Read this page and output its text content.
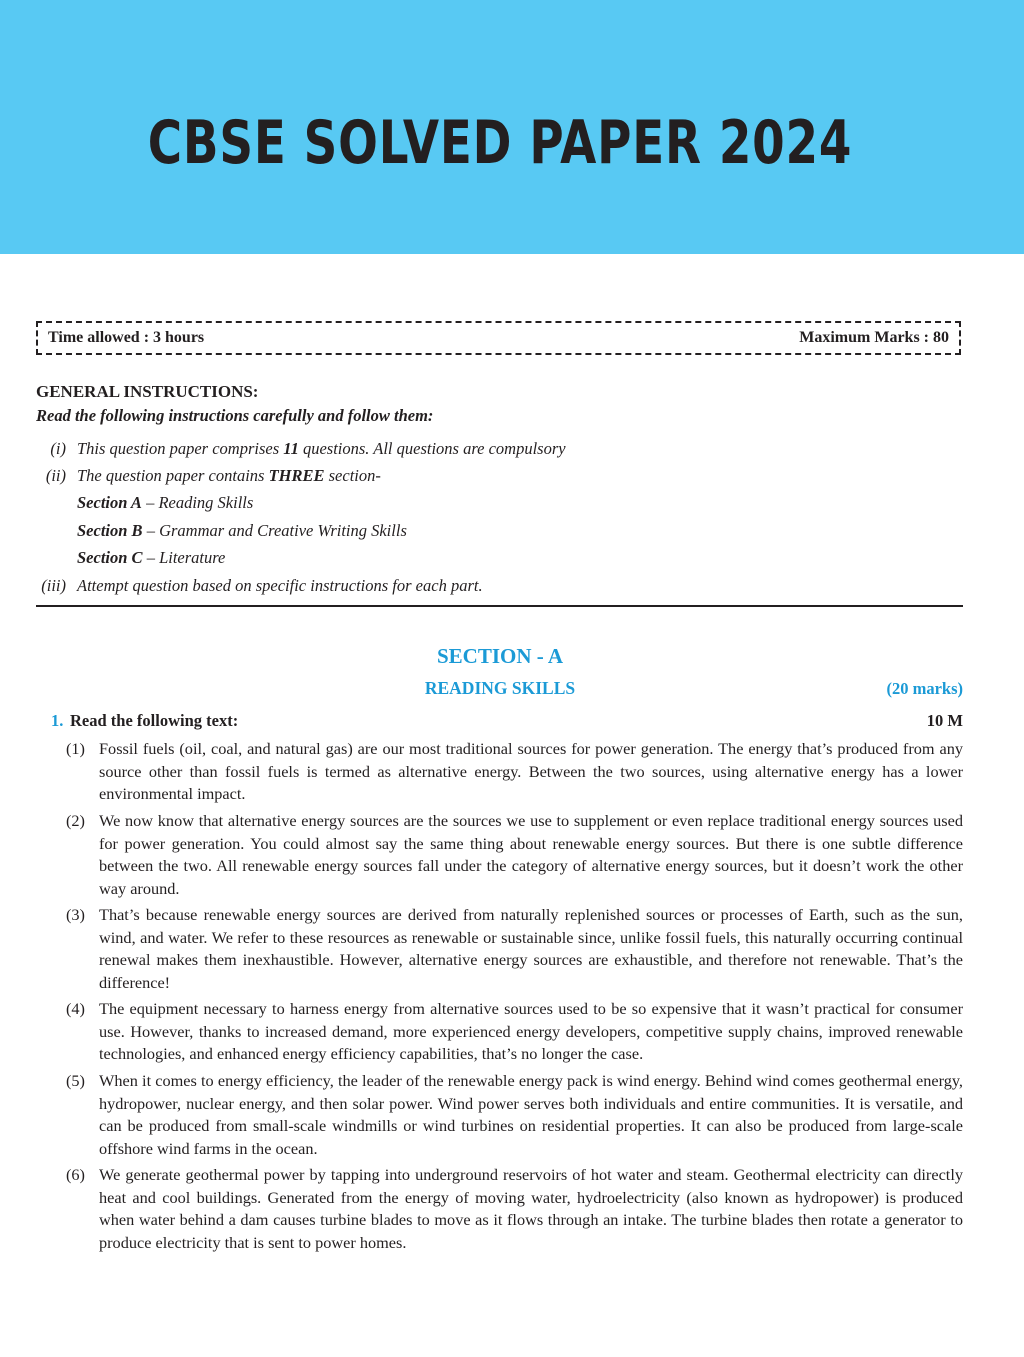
CBSE SOLVED PAPER 2024
Time allowed : 3 hours	Maximum Marks : 80
GENERAL INSTRUCTIONS:
Read the following instructions carefully and follow them:
(i) This question paper comprises 11 questions. All questions are compulsory
(ii) The question paper contains THREE section-
Section A – Reading Skills
Section B – Grammar and Creative Writing Skills
Section C – Literature
(iii) Attempt question based on specific instructions for each part.
SECTION - A
READING SKILLS	(20 marks)
1. Read the following text:	10 M
(1) Fossil fuels (oil, coal, and natural gas) are our most traditional sources for power generation. The energy that’s produced from any source other than fossil fuels is termed as alternative energy. Between the two sources, using alternative energy has a lower environmental impact.
(2) We now know that alternative energy sources are the sources we use to supplement or even replace traditional energy sources used for power generation. You could almost say the same thing about renewable energy sources. But there is one subtle difference between the two. All renewable energy sources fall under the category of alternative energy sources, but it doesn’t work the other way around.
(3) That’s because renewable energy sources are derived from naturally replenished sources or processes of Earth, such as the sun, wind, and water. We refer to these resources as renewable or sustainable since, unlike fossil fuels, this naturally occurring continual renewal makes them inexhaustible. However, alternative energy sources are exhaustible, and therefore not renewable. That’s the difference!
(4) The equipment necessary to harness energy from alternative sources used to be so expensive that it wasn’t practical for consumer use. However, thanks to increased demand, more experienced energy developers, competitive supply chains, improved renewable technologies, and enhanced energy efficiency capabilities, that’s no longer the case.
(5) When it comes to energy efficiency, the leader of the renewable energy pack is wind energy. Behind wind comes geothermal energy, hydropower, nuclear energy, and then solar power. Wind power serves both individuals and entire communities. It is versatile, and can be produced from small-scale windmills or wind turbines on residential properties. It can also be produced from large-scale offshore wind farms in the ocean.
(6) We generate geothermal power by tapping into underground reservoirs of hot water and steam. Geothermal electricity can directly heat and cool buildings. Generated from the energy of moving water, hydroelectricity (also known as hydropower) is produced when water behind a dam causes turbine blades to move as it flows through an intake. The turbine blades then rotate a generator to produce electricity that is sent to power homes.
